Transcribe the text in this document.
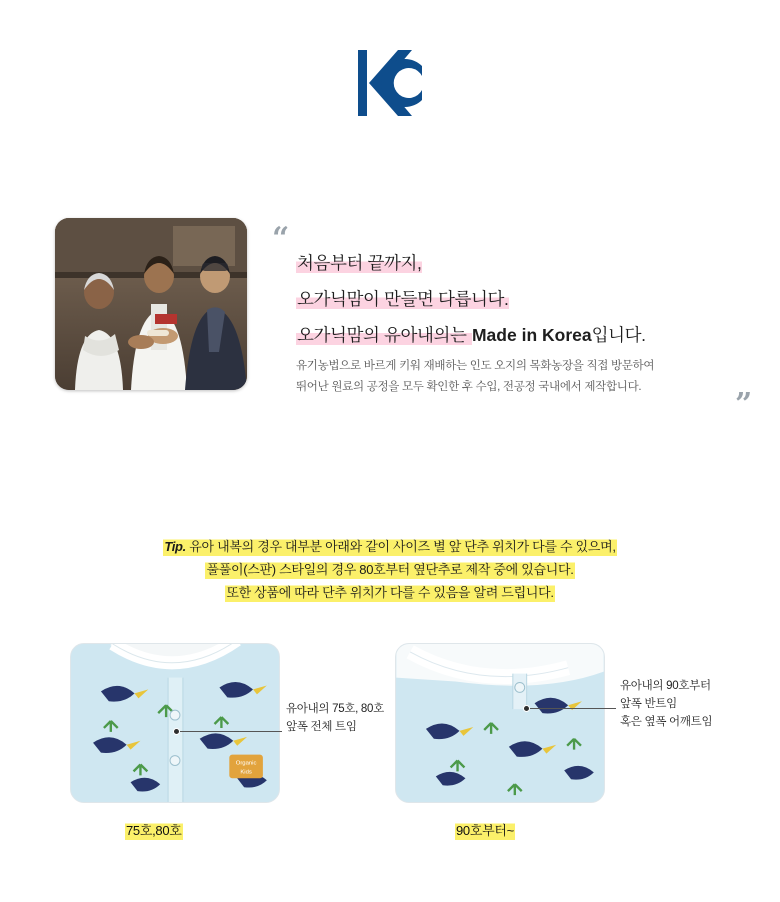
“
”
처음부터 끝까지,
오가닉맘이 만들면 다릅니다.
오가닉맘의 유아내의는 Made in Korea입니다.
유기농법으로 바르게 키워 재배하는 인도 오지의 목화농장을 직접 방문하여
뛰어난 원료의 공정을 모두 확인한 후 수입, 전공정 국내에서 제작합니다.
Tip. 유아 내복의 경우 대부분 아래와 같이 사이즈 별 앞 단추 위치가 다를 수 있으며,
풀풀이(스판) 스타일의 경우 80호부터 옆단추로 제작 중에 있습니다.
또한 상품에 따라 단추 위치가 다를 수 있음을 알려 드립니다.
Organic
Kids
유아내의 75호, 80호
앞폭 전체 트임
75호,80호
유아내의 90호부터
앞폭 반트임
혹은 옆폭 어깨트임
90호부터~
